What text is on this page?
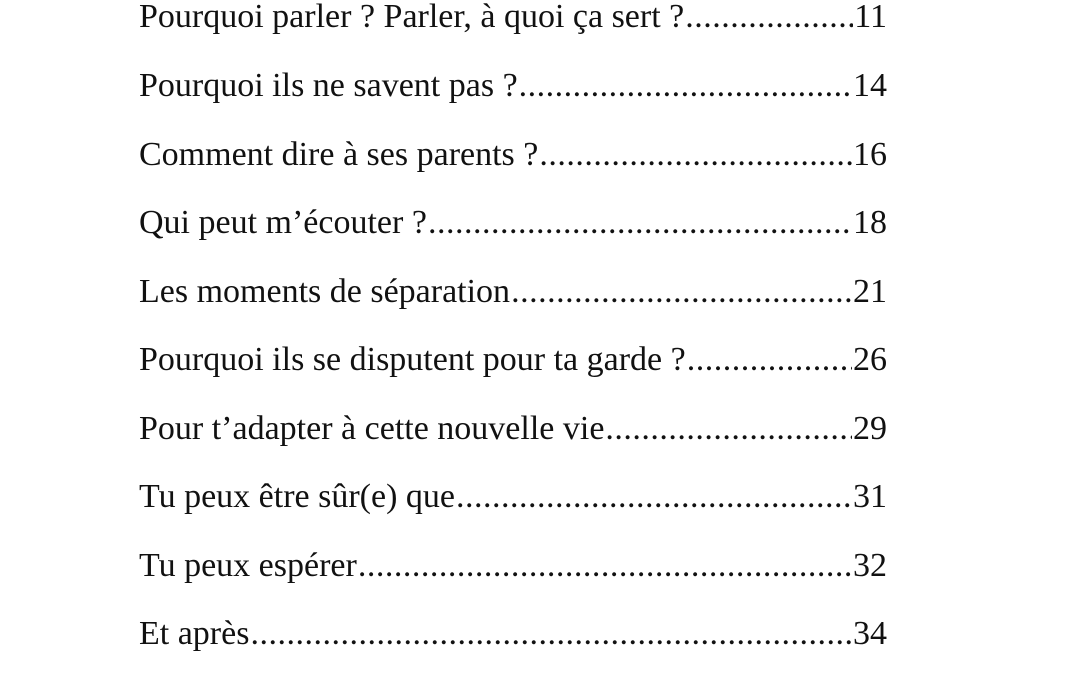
Pourquoi parler ? Parler, à quoi ça sert ? .....	11
Pourquoi ils ne savent pas ? .....	14
Comment dire à ses parents ? .....	16
Qui peut m’écouter ? .....	18
Les moments de séparation .....	21
Pourquoi ils se disputent pour ta garde ? .....	26
Pour t’adapter à cette nouvelle vie .....	29
Tu peux être sûr(e) que .....	31
Tu peux espérer .....	32
Et après .....	34
